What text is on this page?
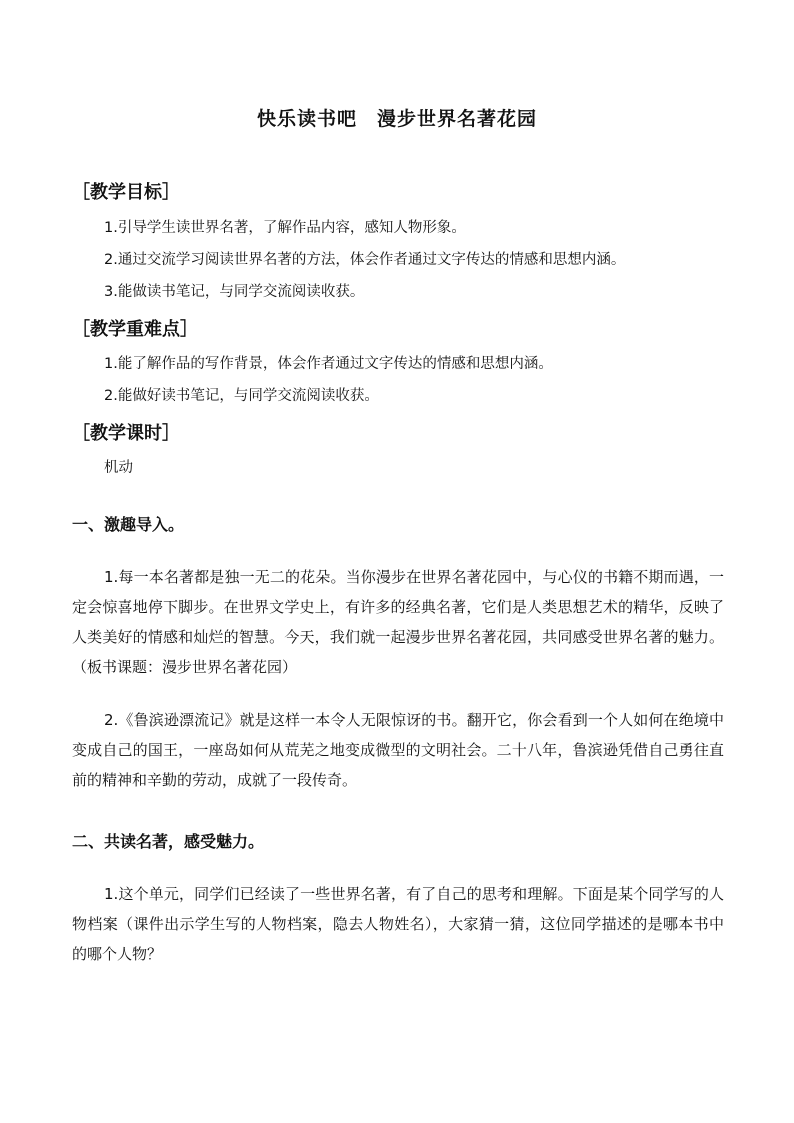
快乐读书吧　漫步世界名著花园
［教学目标］
1.引导学生读世界名著，了解作品内容，感知人物形象。
2.通过交流学习阅读世界名著的方法，体会作者通过文字传达的情感和思想内涵。
3.能做读书笔记，与同学交流阅读收获。
［教学重难点］
1.能了解作品的写作背景，体会作者通过文字传达的情感和思想内涵。
2.能做好读书笔记，与同学交流阅读收获。
［教学课时］
机动
一、激趣导入。
1.每一本名著都是独一无二的花朵。当你漫步在世界名著花园中，与心仪的书籍不期而遇，一定会惊喜地停下脚步。在世界文学史上，有许多的经典名著，它们是人类思想艺术的精华，反映了人类美好的情感和灿烂的智慧。今天，我们就一起漫步世界名著花园，共同感受世界名著的魅力。（板书课题：漫步世界名著花园）
2.《鲁滨逊漂流记》就是这样一本令人无限惊讶的书。翻开它，你会看到一个人如何在绝境中变成自己的国王，一座岛如何从荒芜之地变成微型的文明社会。二十八年，鲁滨逊凭借自己勇往直前的精神和辛勤的劳动，成就了一段传奇。
二、共读名著，感受魅力。
1.这个单元，同学们已经读了一些世界名著，有了自己的思考和理解。下面是某个同学写的人物档案（课件出示学生写的人物档案，隐去人物姓名），大家猜一猜，这位同学描述的是哪本书中的哪个人物？
